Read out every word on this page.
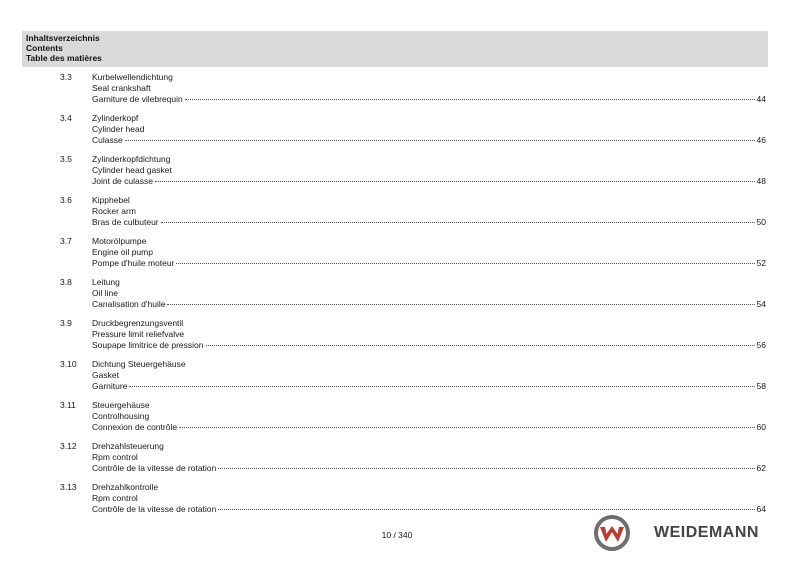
Inhaltsverzeichnis
Contents
Table des matières
3.3 Kurbelwellendichtung
Seal crankshaft
Garniture de vilebrequin	44
3.4 Zylinderkopf
Cylinder head
Culasse	46
3.5 Zylinderkopfdichtung
Cylinder head gasket
Joint de culasse	48
3.6 Kipphebel
Rocker arm
Bras de culbuteur	50
3.7 Motorölpumpe
Engine oil pump
Pompe d'huile moteur	52
3.8 Leitung
Oil line
Canalisation d'huile	54
3.9 Druckbegrenzungsventil
Pressure limit reliefvalve
Soupape limitrice de pression	56
3.10 Dichtung Steuergehäuse
Gasket
Garniture	58
3.11 Steuergehäuse
Controlhousing
Connexion de contrôle	60
3.12 Drehzahlsteuerung
Rpm control
Contrôle de la vitesse de rotation	62
3.13 Drehzahlkontrolle
Rpm control
Contrôle de la vitesse de rotation	64
10 / 340	WEIDEMANN
